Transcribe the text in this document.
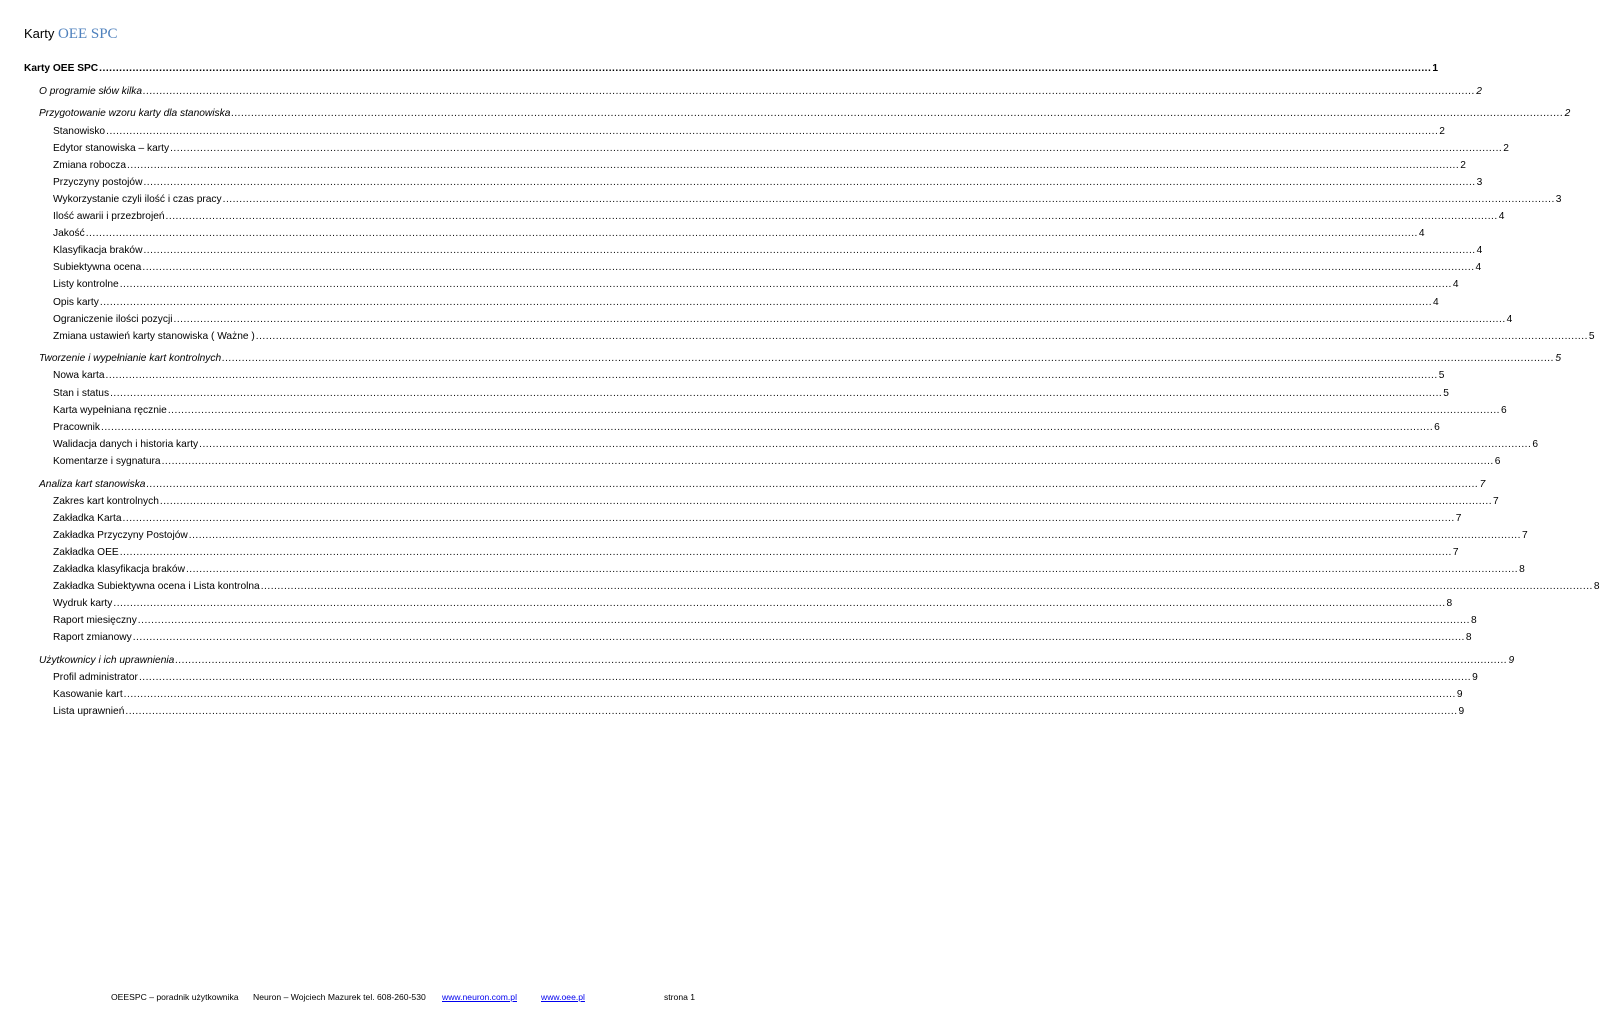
Karty OEE SPC
Karty OEE SPC ................................................................................................................................................................................................................................................................................................................................................................................................................ 1
O programie słów kilka ................................................................................................................................................................................................................................................................................................................................................................................................................ 2
Przygotowanie wzoru karty dla stanowiska ................................................................................................................................................................................................................................................................................................................................................................................................................ 2
Stanowisko ................................................................................................................................................................................................................................................................................................................................................................................................................ 2
Edytor stanowiska – karty ................................................................................................................................................................................................................................................................................................................................................................................................................ 2
Zmiana robocza ................................................................................................................................................................................................................................................................................................................................................................................................................ 2
Przyczyny postojów ................................................................................................................................................................................................................................................................................................................................................................................................................ 3
Wykorzystanie czyli ilość i czas pracy ................................................................................................................................................................................................................................................................................................................................................................................................................ 3
Ilość awarii i przezbrojeń ................................................................................................................................................................................................................................................................................................................................................................................................................ 4
Jakość ................................................................................................................................................................................................................................................................................................................................................................................................................ 4
Klasyfikacja braków ................................................................................................................................................................................................................................................................................................................................................................................................................ 4
Subiektywna ocena ................................................................................................................................................................................................................................................................................................................................................................................................................ 4
Listy kontrolne ................................................................................................................................................................................................................................................................................................................................................................................................................ 4
Opis karty ................................................................................................................................................................................................................................................................................................................................................................................................................ 4
Ograniczenie ilości pozycji ................................................................................................................................................................................................................................................................................................................................................................................................................ 4
Zmiana ustawień karty stanowiska ( Ważne ) ................................................................................................................................................................................................................................................................................................................................................................................................................ 5
Tworzenie i wypełnianie kart kontrolnych ................................................................................................................................................................................................................................................................................................................................................................................................................ 5
Nowa karta ................................................................................................................................................................................................................................................................................................................................................................................................................ 5
Stan i status ................................................................................................................................................................................................................................................................................................................................................................................................................ 5
Karta wypełniana ręcznie ................................................................................................................................................................................................................................................................................................................................................................................................................ 6
Pracownik ................................................................................................................................................................................................................................................................................................................................................................................................................ 6
Walidacja danych i historia karty ................................................................................................................................................................................................................................................................................................................................................................................................................ 6
Komentarze i sygnatura ................................................................................................................................................................................................................................................................................................................................................................................................................ 6
Analiza kart stanowiska ................................................................................................................................................................................................................................................................................................................................................................................................................ 7
Zakres kart kontrolnych ................................................................................................................................................................................................................................................................................................................................................................................................................ 7
Zakładka Karta ................................................................................................................................................................................................................................................................................................................................................................................................................ 7
Zakładka Przyczyny Postojów ................................................................................................................................................................................................................................................................................................................................................................................................................ 7
Zakładka OEE ................................................................................................................................................................................................................................................................................................................................................................................................................ 7
Zakładka klasyfikacja braków ................................................................................................................................................................................................................................................................................................................................................................................................................ 8
Zakładka Subiektywna ocena i Lista kontrolna ................................................................................................................................................................................................................................................................................................................................................................................................................ 8
Wydruk karty ................................................................................................................................................................................................................................................................................................................................................................................................................ 8
Raport miesięczny ................................................................................................................................................................................................................................................................................................................................................................................................................ 8
Raport zmianowy ................................................................................................................................................................................................................................................................................................................................................................................................................ 8
Użytkownicy i ich uprawnienia ................................................................................................................................................................................................................................................................................................................................................................................................................ 9
Profil administrator ................................................................................................................................................................................................................................................................................................................................................................................................................ 9
Kasowanie kart ................................................................................................................................................................................................................................................................................................................................................................................................................ 9
Lista uprawnień ................................................................................................................................................................................................................................................................................................................................................................................................................ 9
OEESPC – poradnik użytkownika Neuron – Wojciech Mazurek tel. 608-260-530 www.neuron.com.pl	www.oee.pl	strona 1
